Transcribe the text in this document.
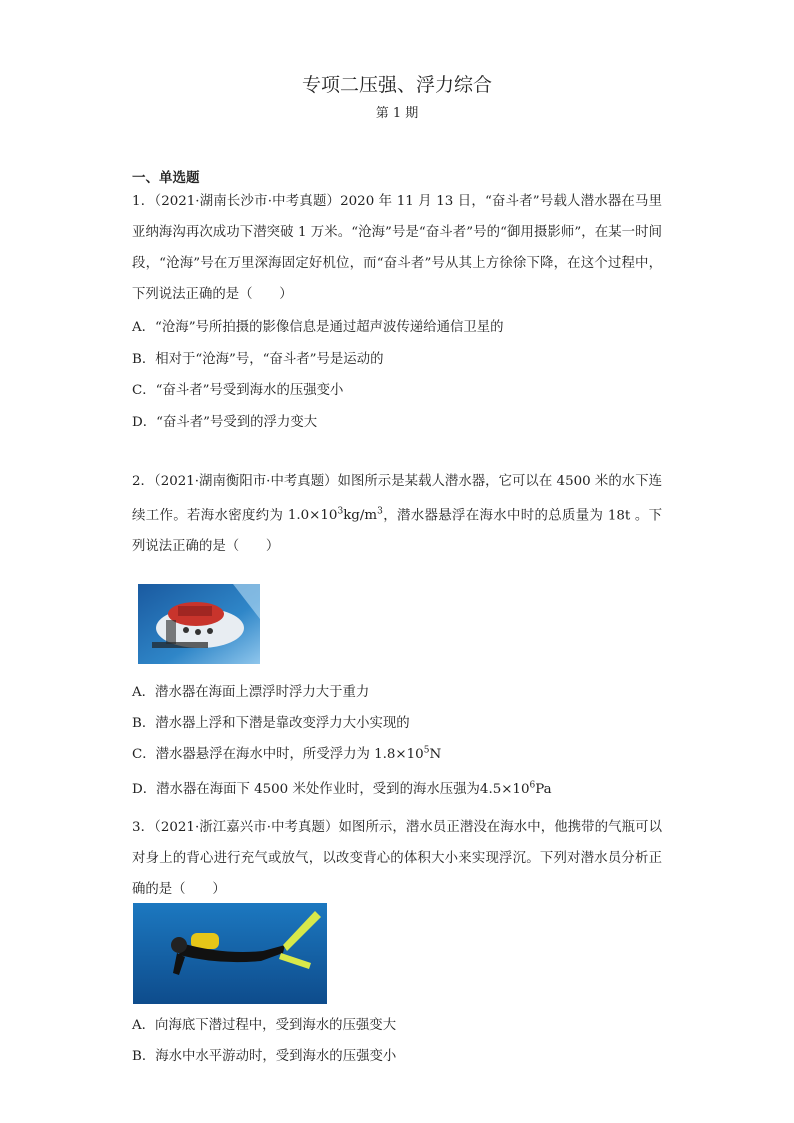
专项二压强、浮力综合
第 1 期
一、单选题

1．（2021·湖南长沙市·中考真题）2020 年 11 月 13 日，“奋斗者”号载人潜水器在马里亚纳海沟再次成功下潜突破 1 万米。“沧海”号是“奋斗者”号的“御用摄影师”，在某一时间段，“沧海”号在万里深海固定好机位，而“奋斗者”号从其上方徐徐下降，在这个过程中，下列说法正确的是（　　）

A．“沧海”号所拍摄的影像信息是通过超声波传递给通信卫星的
B．相对于“沧海”号，“奋斗者”号是运动的
C．“奋斗者”号受到海水的压强变小
D．“奋斗者”号受到的浮力变大

2．（2021·湖南衡阳市·中考真题）如图所示是某载人潜水器，它可以在 4500 米的水下连续工作。若海水密度约为 $1.0\times 10^3kg/m^3$，潜水器悬浮在海水中时的总质量为 18t 。下列说法正确的是（　　）

A．潜水器在海面上漂浮时浮力大于重力
B．潜水器上浮和下潜是靠改变浮力大小实现的
C．潜水器悬浮在海水中时，所受浮力为 $1.8\times 10^5N$
D．潜水器在海面下 4500 米处作业时，受到的海水压强为$4.5\times 10^6Pa$

3．（2021·浙江嘉兴市·中考真题）如图所示，潜水员正潜没在海水中，他携带的气瓶可以对身上的背心进行充气或放气，以改变背心的体积大小来实现浮沉。下列对潜水员分析正确的是（　　）

A．向海底下潜过程中，受到海水的压强变大
B．海水中水平游动时，受到海水的压强变小
